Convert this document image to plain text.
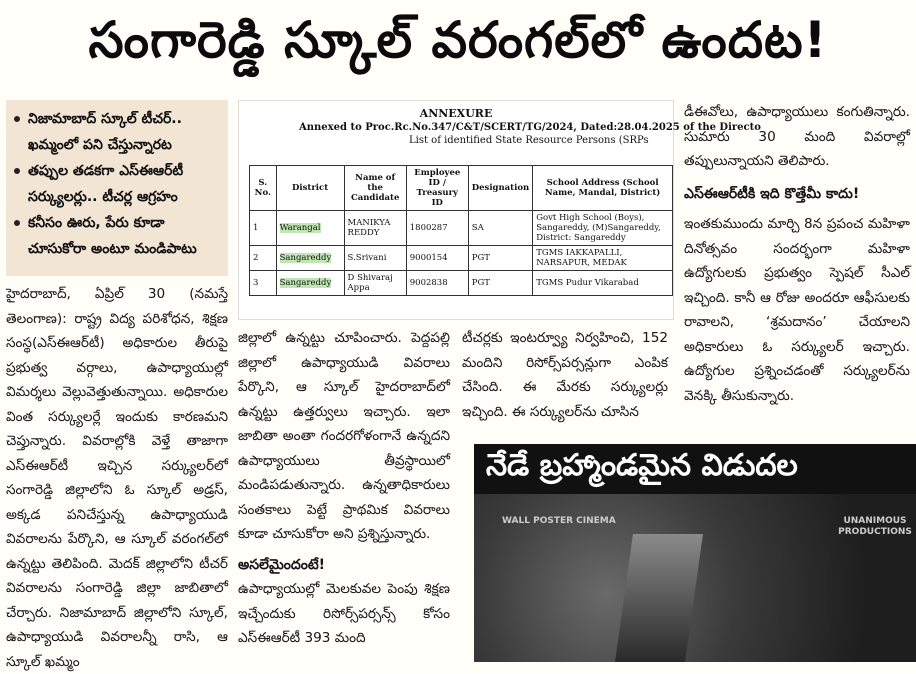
సంగారెడ్డి స్కూల్ వరంగల్‌లో ఉందట!
నిజామాబాద్ స్కూల్ టీచర్.. ఖమ్మంలో పని చేస్తున్నారట
తప్పుల తడకగా ఎస్‌ఈఆర్‌టీ సర్క్యులర్లు.. టీచర్ల ఆగ్రహం
కనీసం ఊరు, పేరు కూడా చూసుకోరా అంటూ మండిపాటు

హైదరాబాద్, ఏప్రిల్ 30 (నమస్తే తెలంగాణ): రాష్ట్ర విద్య పరిశోధన, శిక్షణ సంస్థ(ఎస్‌ఈఆర్‌టీ) అధికారుల తీరుపై ప్రభుత్వ వర్గాలు, ఉపాధ్యాయుల్లో విమర్శలు వెల్లువెత్తుతున్నాయి. అధికారుల వింత సర్క్యులర్లే ఇందుకు కారణమని చెప్తున్నారు. వివరాల్లోకి వెళ్తే తాజాగా ఎస్‌ఈఆర్‌టీ ఇచ్చిన సర్క్యులర్‌లో సంగారెడ్డి జిల్లాలోని ఓ స్కూల్ అడ్రస్, అక్కడ పనిచేస్తున్న ఉపాధ్యాయుడి వివరాలను పేర్కొని, ఆ స్కూల్ వరంగల్‌లో ఉన్నట్టు తెలిపింది. మెదక్ జిల్లాలోని టీచర్ వివరాలను సంగారెడ్డి జిల్లా జాబితాలో చేర్చారు. నిజామాబాద్ జిల్లాలోని స్కూల్, ఉపాధ్యాయుడి వివరాలన్నీ రాసి, ఆ స్కూల్ ఖమ్మం

ANNEXURE
Annexed to Proc.Rc.No.347/C&T/SCERT/TG/2024, Dated:28.04.2025 of the Directo
List of identified State Resource Persons (SRPs
S. No.	District	Name of the Candidate	Employee ID / Treasury ID	Designation	School Address (School Name, Mandal, District)
1	Warangal	MANIKYA REDDY	1800287	SA	Govt High School (Boys), Sangareddy, (M)Sangareddy, District: Sangareddy
2	Sangareddy	S.Srivani	9000154	PGT	TGMS IAKKAPALLI, NARSAPUR, MEDAK
3	Sangareddy	D Shivaraj Appa	9002838	PGT	TGMS Pudur Vikarabad

జిల్లాలో ఉన్నట్టు చూపించారు. పెద్దపల్లి జిల్లాలో ఉపాధ్యాయుడి వివరాలు పేర్కొని, ఆ స్కూల్ హైదరాబాద్‌లో ఉన్నట్టు ఉత్తర్వులు ఇచ్చారు. ఇలా జాబితా అంతా గందరగోళంగానే ఉన్నదని ఉపాధ్యాయులు తీవ్రస్థాయిలో మండిపడుతున్నారు. ఉన్నతాధికారులు సంతకాలు పెట్టే ప్రాథమిక వివరాలు కూడా చూసుకోరా అని ప్రశ్నిస్తున్నారు.

అసలేమైందంటే!

ఉపాధ్యాయుల్లో మెలకువల పెంపు శిక్షణ ఇచ్చేందుకు రిసోర్స్‌పర్సన్స్ కోసం ఎస్‌ఈఆర్‌టీ 393 మంది

టీచర్లకు ఇంటర్వ్యూ నిర్వహించి, 152 మందిని రిసోర్స్‌పర్సన్లుగా ఎంపిక చేసింది. ఈ మేరకు సర్క్యులర్లు ఇచ్చింది. ఈ సర్క్యులర్‌ను చూసిన

డీఈవోలు, ఉపాధ్యాయులు కంగుతిన్నారు. సుమారు 30 మంది వివరాల్లో తప్పులున్నాయని తెలిపారు.

ఎస్‌ఈఆర్‌టీకి ఇది కొత్తేమీ కాదు!

ఇంతకుముందు మార్చి 8న ప్రపంచ మహిళా దినోత్సవం సందర్భంగా మహిళా ఉద్యోగులకు ప్రభుత్వం స్పెషల్ సీఎల్ ఇచ్చింది. కానీ ఆ రోజు అందరూ ఆఫీసులకు రావాలని, ‘శ్రమదానం’ చేయాలని అధికారులు ఓ సర్క్యులర్ ఇచ్చారు. ఉద్యోగుల ప్రశ్నించడంతో సర్క్యులర్‌ను వెనక్కి తీసుకున్నారు.

నేడే బ్రహ్మాండమైన విడుదల
WALL POSTER CINEMA	UNANIMOUS PRODUCTIONS
